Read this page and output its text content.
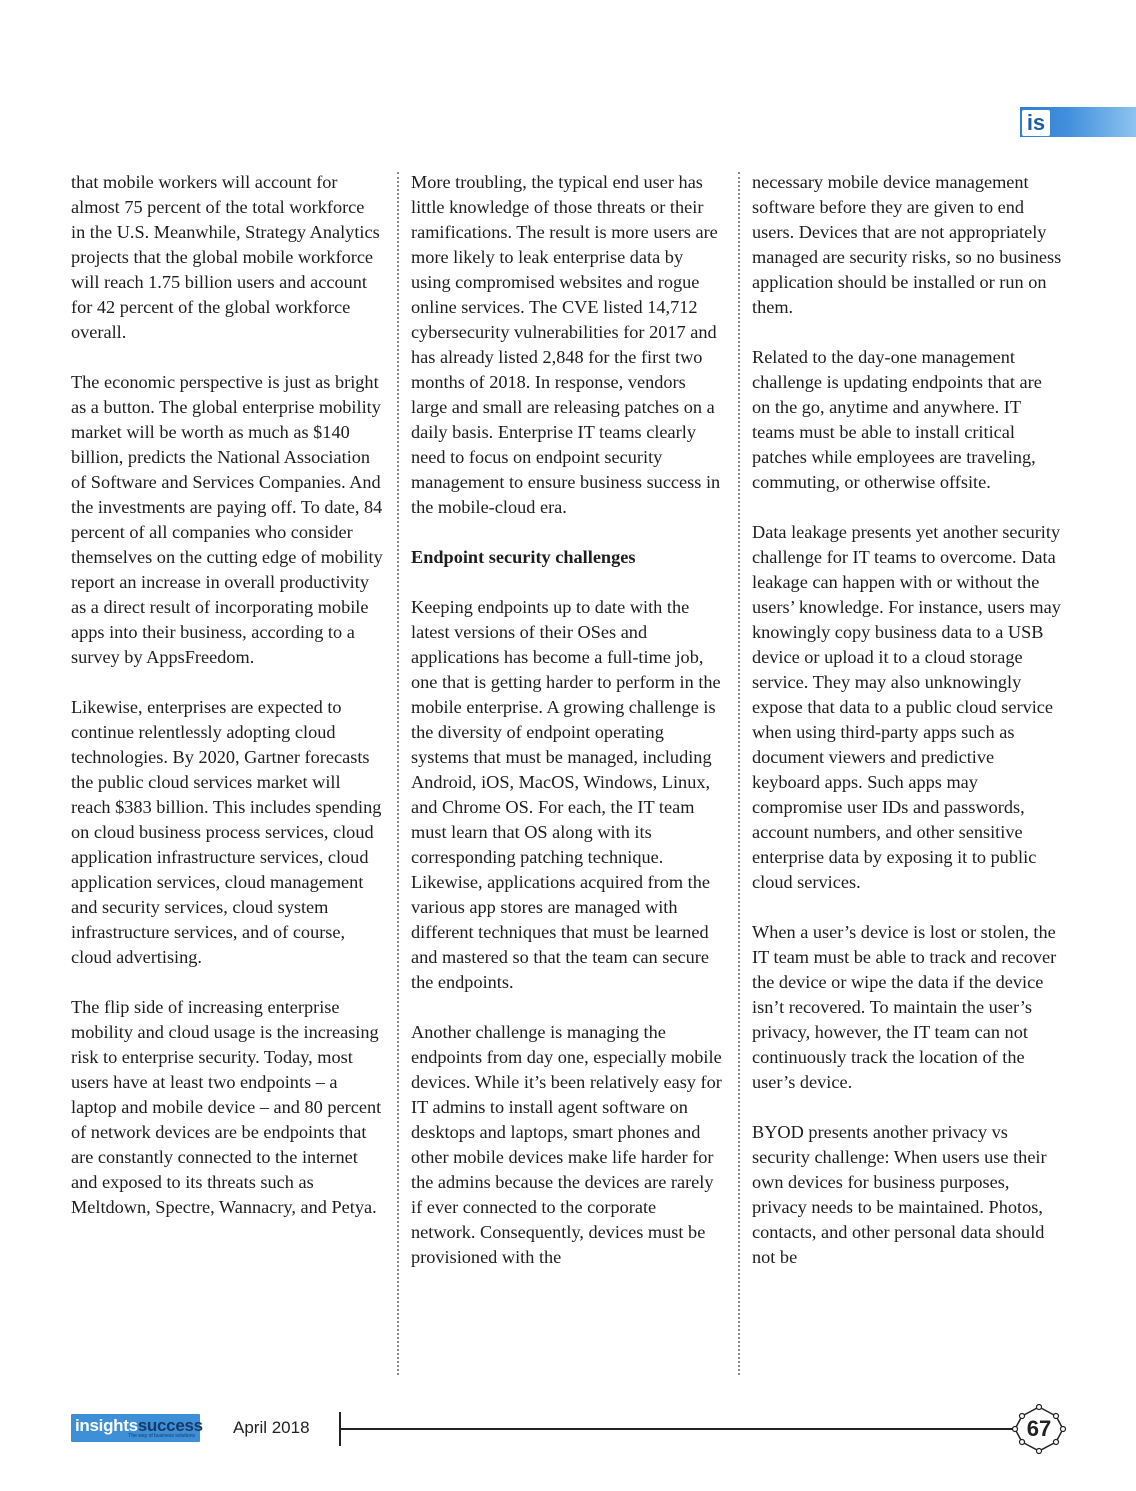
is

that mobile workers will account for almost 75 percent of the total workforce in the U.S. Meanwhile, Strategy Analytics projects that the global mobile workforce will reach 1.75 billion users and account for 42 percent of the global workforce overall.

The economic perspective is just as bright as a button. The global enterprise mobility market will be worth as much as $140 billion, predicts the National Association of Software and Services Companies. And the investments are paying off. To date, 84 percent of all companies who consider themselves on the cutting edge of mobility report an increase in overall productivity as a direct result of incorporating mobile apps into their business, according to a survey by AppsFreedom.

Likewise, enterprises are expected to continue relentlessly adopting cloud technologies. By 2020, Gartner forecasts the public cloud services market will reach $383 billion. This includes spending on cloud business process services, cloud application infrastructure services, cloud application services, cloud management and security services, cloud system infrastructure services, and of course, cloud advertising.

The flip side of increasing enterprise mobility and cloud usage is the increasing risk to enterprise security. Today, most users have at least two endpoints – a laptop and mobile device – and 80 percent of network devices are be endpoints that are constantly connected to the internet and exposed to its threats such as Meltdown, Spectre, Wannacry, and Petya.

More troubling, the typical end user has little knowledge of those threats or their ramifications. The result is more users are more likely to leak enterprise data by using compromised websites and rogue online services. The CVE listed 14,712 cybersecurity vulnerabilities for 2017 and has already listed 2,848 for the first two months of 2018. In response, vendors large and small are releasing patches on a daily basis. Enterprise IT teams clearly need to focus on endpoint security management to ensure business success in the mobile-cloud era.

Endpoint security challenges

Keeping endpoints up to date with the latest versions of their OSes and applications has become a full-time job, one that is getting harder to perform in the mobile enterprise. A growing challenge is the diversity of endpoint operating systems that must be managed, including Android, iOS, MacOS, Windows, Linux, and Chrome OS. For each, the IT team must learn that OS along with its corresponding patching technique. Likewise, applications acquired from the various app stores are managed with different techniques that must be learned and mastered so that the team can secure the endpoints.

Another challenge is managing the endpoints from day one, especially mobile devices. While it’s been relatively easy for IT admins to install agent software on desktops and laptops, smart phones and other mobile devices make life harder for the admins because the devices are rarely if ever connected to the corporate network. Consequently, devices must be provisioned with the

necessary mobile device management software before they are given to end users. Devices that are not appropriately managed are security risks, so no business application should be installed or run on them.

Related to the day-one management challenge is updating endpoints that are on the go, anytime and anywhere. IT teams must be able to install critical patches while employees are traveling, commuting, or otherwise offsite.

Data leakage presents yet another security challenge for IT teams to overcome. Data leakage can happen with or without the users’ knowledge. For instance, users may knowingly copy business data to a USB device or upload it to a cloud storage service. They may also unknowingly expose that data to a public cloud service when using third-party apps such as document viewers and predictive keyboard apps. Such apps may compromise user IDs and passwords, account numbers, and other sensitive enterprise data by exposing it to public cloud services.

When a user’s device is lost or stolen, the IT team must be able to track and recover the device or wipe the data if the device isn’t recovered. To maintain the user’s privacy, however, the IT team can not continuously track the location of the user’s device.

BYOD presents another privacy vs security challenge: When users use their own devices for business purposes, privacy needs to be maintained. Photos, contacts, and other personal data should not be

insightssuccess
The way of business solutions April 2018	67
